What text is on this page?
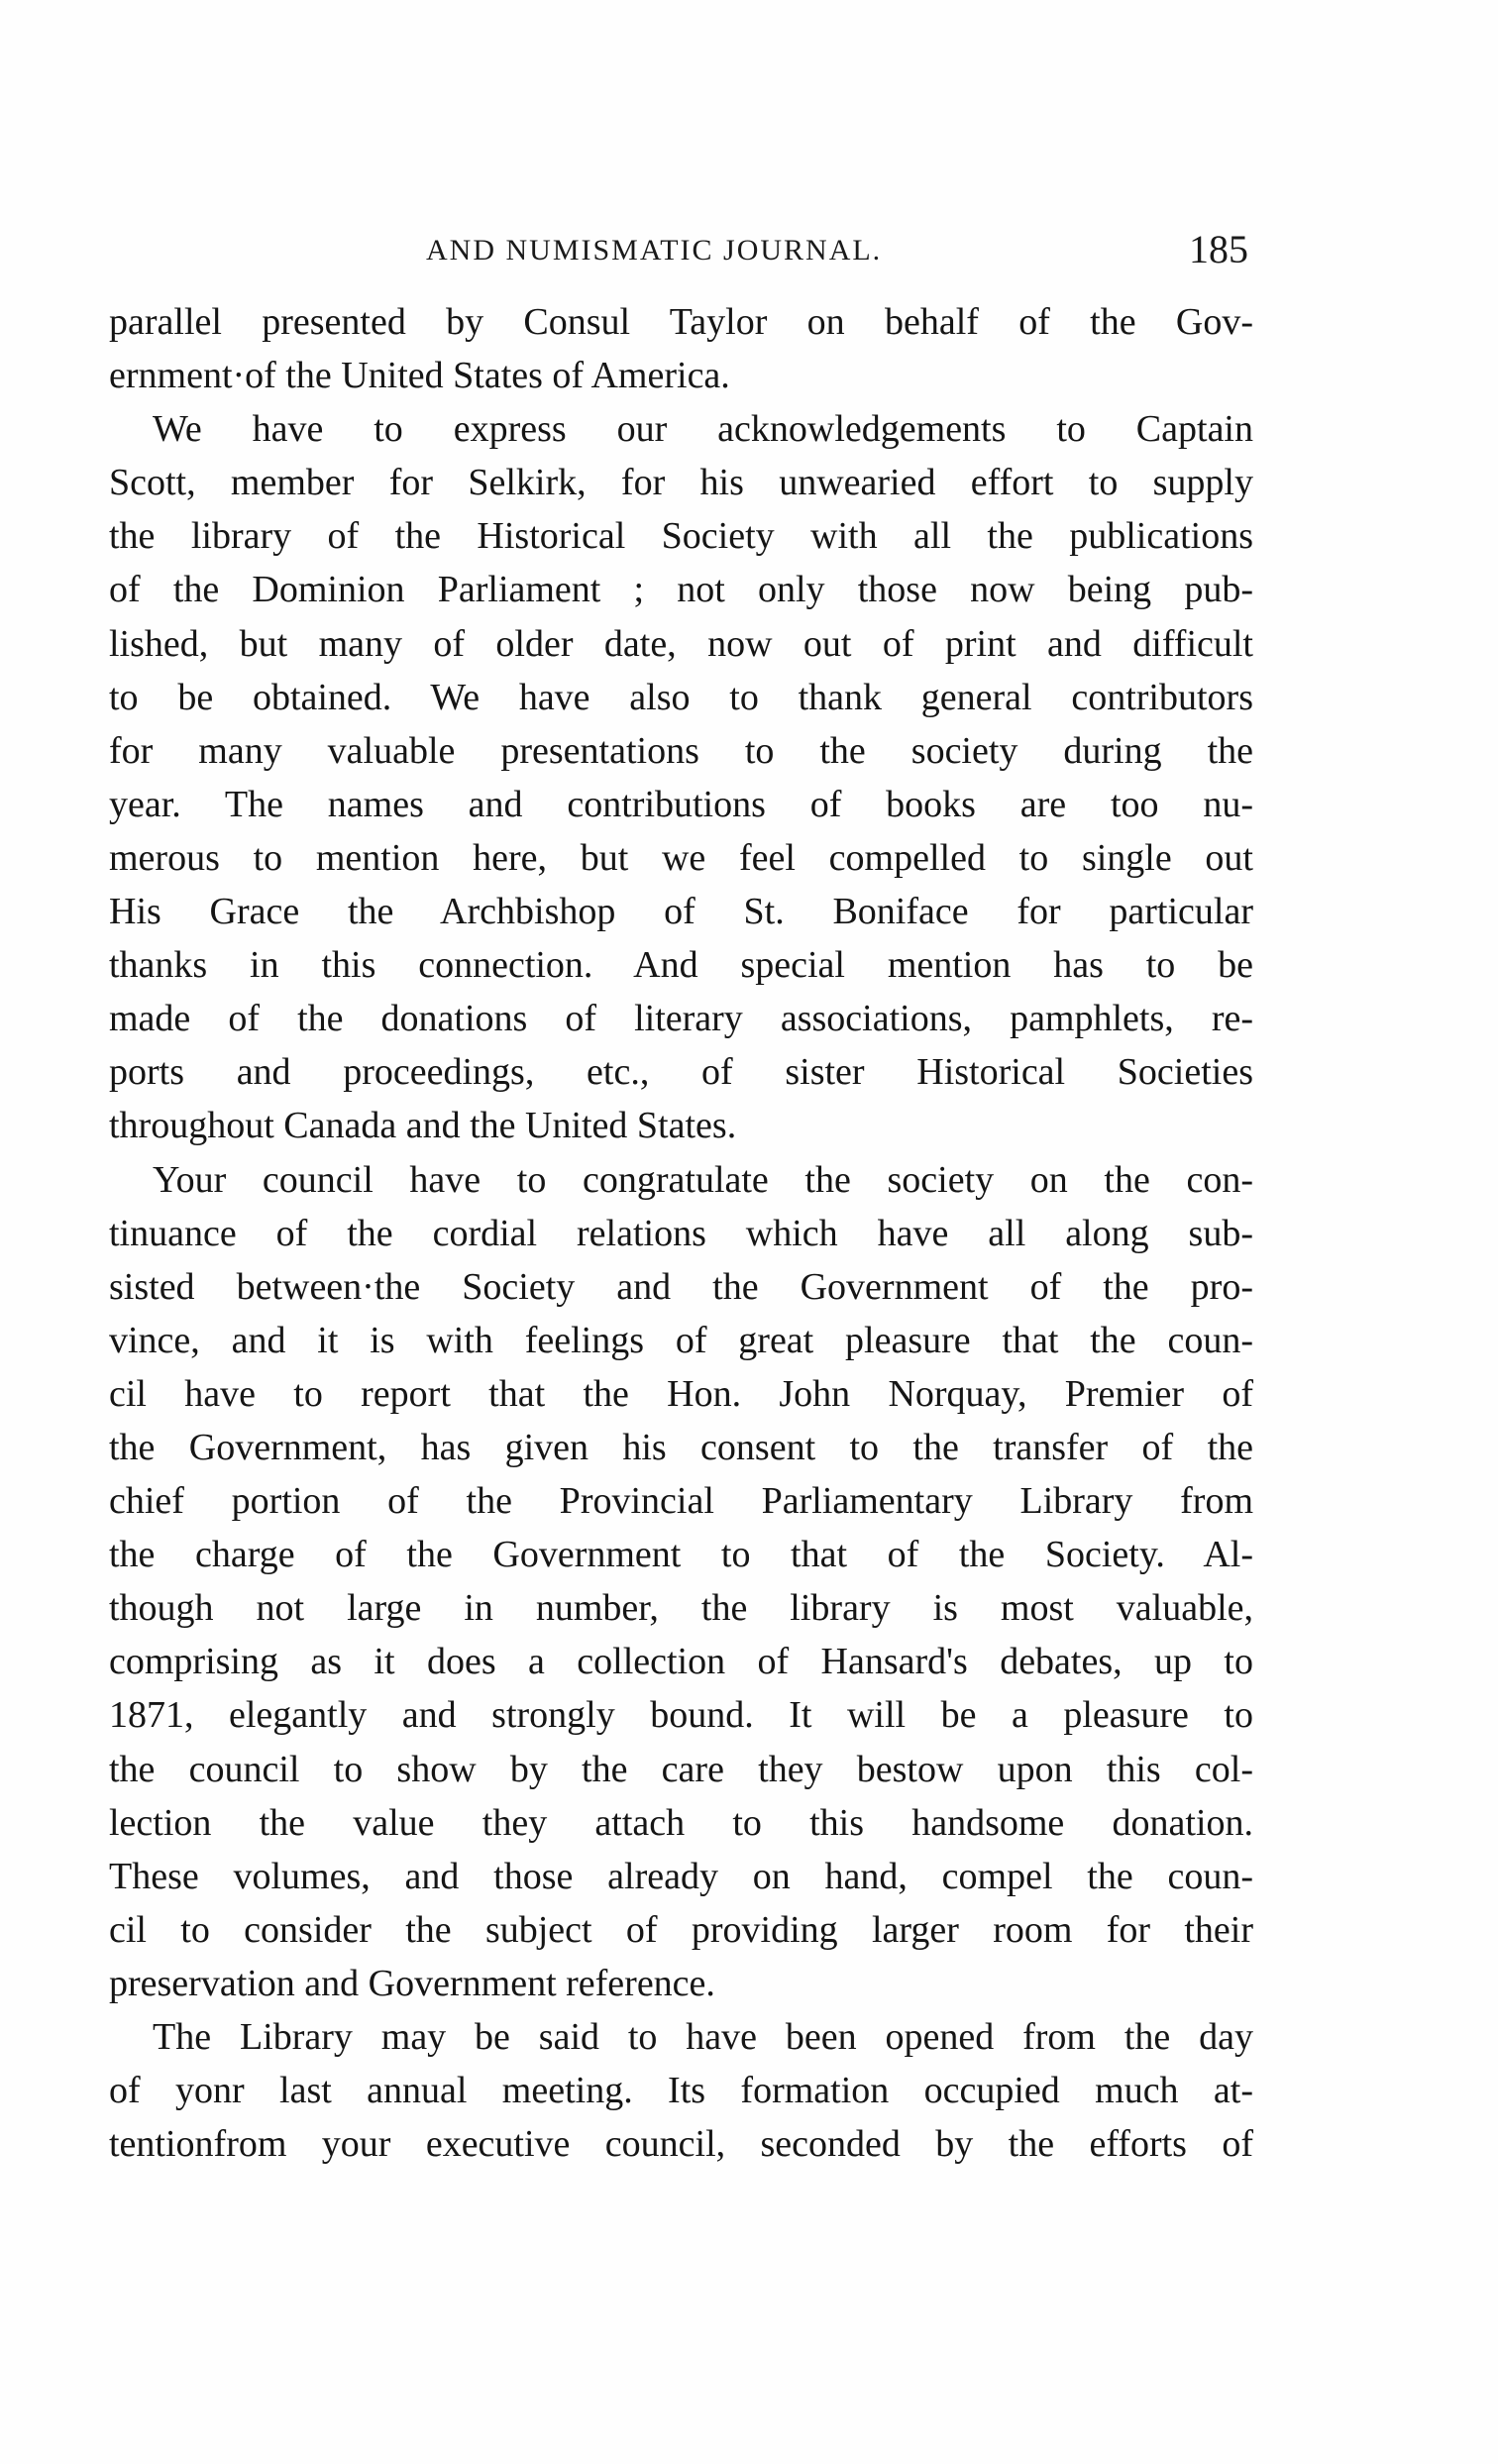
AND NUMISMATIC JOURNAL.	185

parallel presented by Consul Taylor on behalf of the Gov-
ernment·of the United States of America.

We have to express our acknowledgements to Captain
Scott, member for Selkirk, for his unwearied effort to supply
the library of the Historical Society with all the publications
of the Dominion Parliament ; not only those now being pub-
lished, but many of older date, now out of print and difficult
to be obtained. We have also to thank general contributors
for many valuable presentations to the society during the
year. The names and contributions of books are too nu-
merous to mention here, but we feel compelled to single out
His Grace the Archbishop of St. Boniface for particular
thanks in this connection. And special mention has to be
made of the donations of literary associations, pamphlets, re-
ports and proceedings, etc., of sister Historical Societies
throughout Canada and the United States.

Your council have to congratulate the society on the con-
tinuance of the cordial relations which have all along sub-
sisted between·the Society and the Government of the pro-
vince, and it is with feelings of great pleasure that the coun-
cil have to report that the Hon. John Norquay, Premier of
the Government, has given his consent to the transfer of the
chief portion of the Provincial Parliamentary Library from
the charge of the Government to that of the Society. Al-
though not large in number, the library is most valuable,
comprising as it does a collection of Hansard's debates, up to
1871, elegantly and strongly bound. It will be a pleasure to
the council to show by the care they bestow upon this col-
lection the value they attach to this handsome donation.
These volumes, and those already on hand, compel the coun-
cil to consider the subject of providing larger room for their
preservation and Government reference.

The Library may be said to have been opened from the day
of yonr last annual meeting. Its formation occupied much at-
tentionfrom your executive council, seconded by the efforts of
